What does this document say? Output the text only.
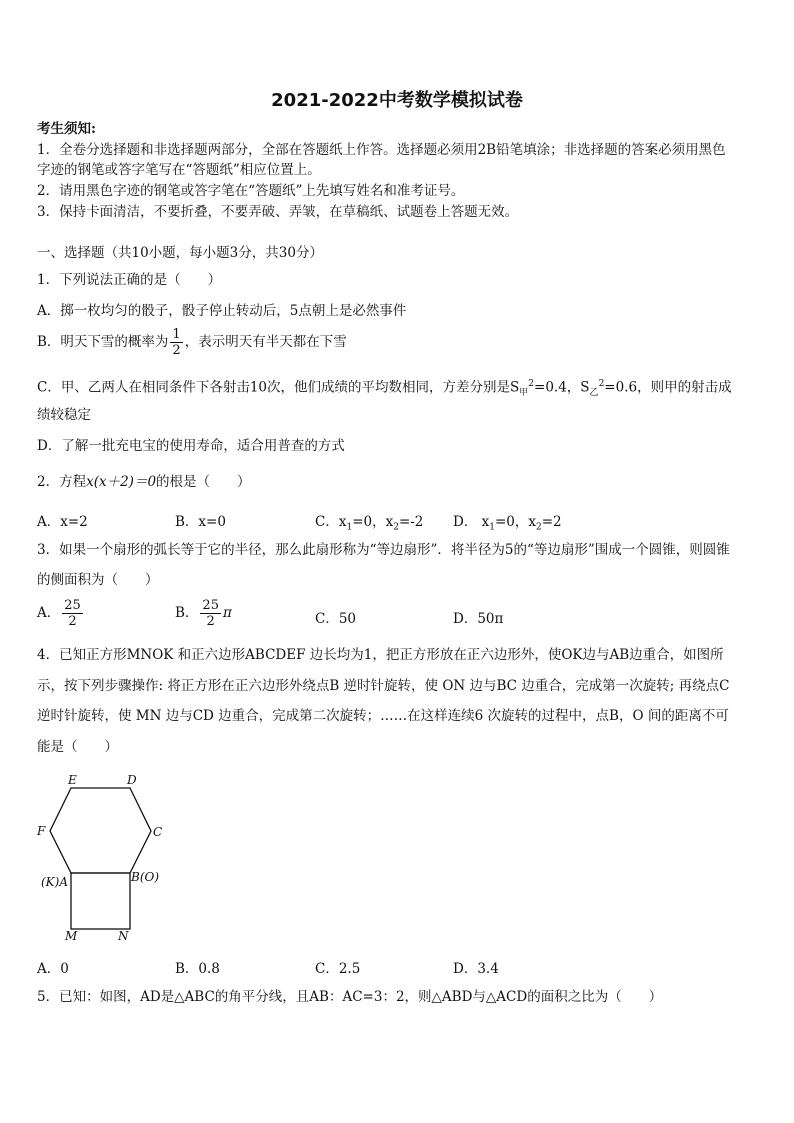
2021-2022中考数学模拟试卷
考生须知:
1．全卷分选择题和非选择题两部分，全部在答题纸上作答。选择题必须用2B铅笔填涂；非选择题的答案必须用黑色
字迹的钢笔或答字笔写在“答题纸”相应位置上。
2．请用黑色字迹的钢笔或答字笔在“答题纸”上先填写姓名和准考证号。
3．保持卡面清洁，不要折叠，不要弄破、弄皱，在草稿纸、试题卷上答题无效。
一、选择题（共10小题，每小题3分，共30分）
1．下列说法正确的是（　　）
A．掷一枚均匀的骰子，骰子停止转动后，5点朝上是必然事件
B．明天下雪的概率为 $\frac{1}{2}$ ，表示明天有半天都在下雪
C．甲、乙两人在相同条件下各射击10次，他们成绩的平均数相同，方差分别是$S_甲^2=0.4$，$S_乙^2=0.6$，则甲的射击成
绩较稳定
D．了解一批充电宝的使用寿命，适合用普查的方式
2．方程x(x＋2)＝0的根是（　　）
A．x=2	B．x=0	C．$x_1=0$，$x_2=-2$ D． $x_1=0$，$x_2=2$
3．如果一个扇形的弧长等于它的半径，那么此扇形称为“等边扇形”．将半径为5的“等边扇形”围成一个圆锥，则圆锥
的侧面积为（　　）
A． $\frac{25}{2}$	B． $\frac{25}{2}$ π	C．50	D．50π
4．已知正方形MNOK 和正六边形ABCDEF 边长均为1，把正方形放在正六边形外，使OK边与AB边重合，如图所
示，按下列步骤操作: 将正方形在正六边形外绕点B 逆时针旋转，使 ON 边与BC 边重合，完成第一次旋转; 再绕点C
逆时针旋转，使 MN 边与CD 边重合，完成第二次旋转；……在这样连续6 次旋转的过程中，点B，O 间的距离不可
能是（　　）
E	D
F	C
(K)A	B(O)
M	N
A．0	B．0.8	C．2.5	D．3.4
5．已知：如图，AD是△ABC的角平分线，且AB：AC=3：2，则△ABD与△ACD的面积之比为（　　）
